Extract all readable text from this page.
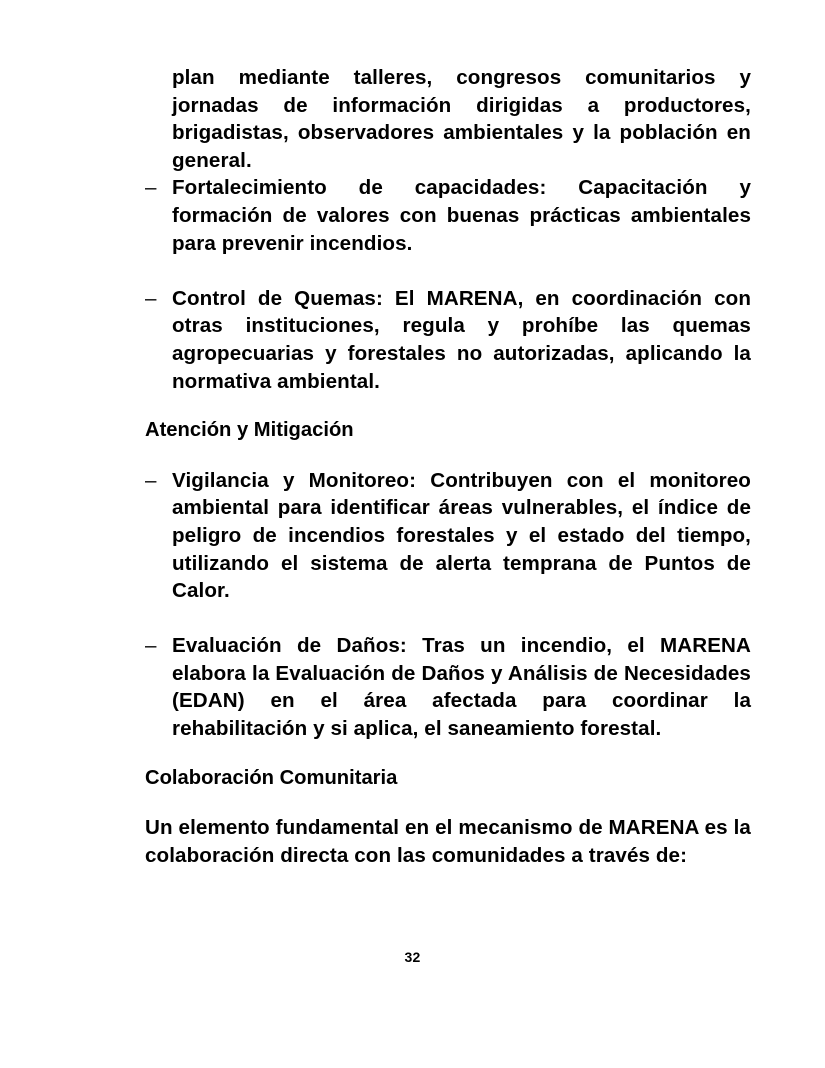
plan mediante talleres, congresos comunitarios y jornadas de información dirigidas a productores, brigadistas, observadores ambientales y la población en general.

– Fortalecimiento de capacidades: Capacitación y formación de valores con buenas prácticas ambientales para prevenir incendios.
– Control de Quemas: El MARENA, en coordinación con otras instituciones, regula y prohíbe las quemas agropecuarias y forestales no autorizadas, aplicando la normativa ambiental.

Atención y Mitigación

– Vigilancia y Monitoreo: Contribuyen con el monitoreo ambiental para identificar áreas vulnerables, el índice de peligro de incendios forestales y el estado del tiempo, utilizando el sistema de alerta temprana de Puntos de Calor.
– Evaluación de Daños: Tras un incendio, el MARENA elabora la Evaluación de Daños y Análisis de Necesidades (EDAN) en el área afectada para coordinar la rehabilitación y si aplica, el saneamiento forestal.

Colaboración Comunitaria

Un elemento fundamental en el mecanismo de MARENA es la colaboración directa con las comunidades a través de:

32
